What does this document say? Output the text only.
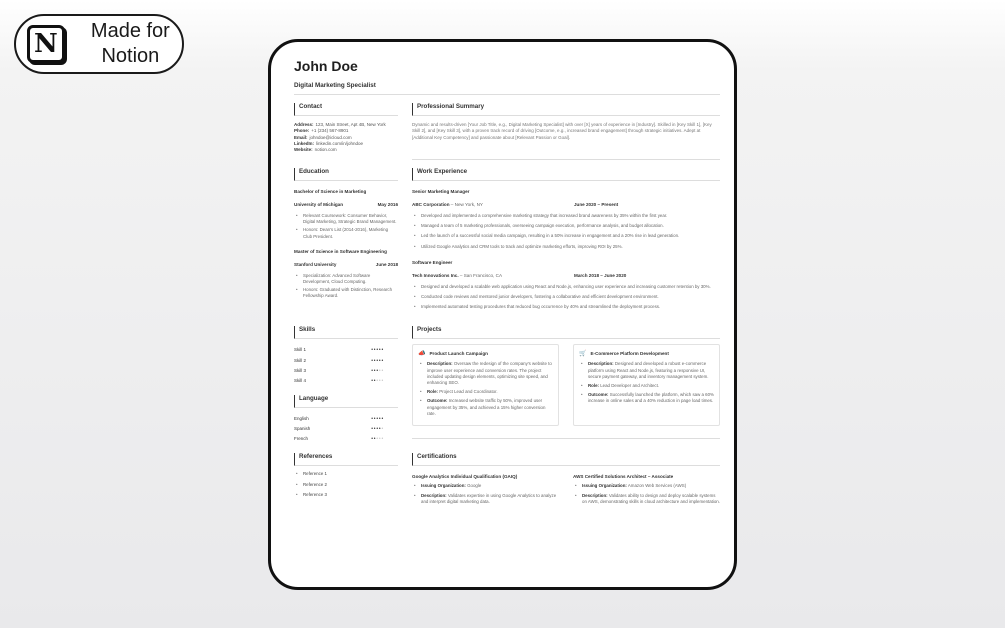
N	Made for
Notion	John Doe
Digital Marketing Specialist
Contact
Address: 123, Main Street, Apt 4B, New York
Phone: +1 (234) 567-8901
Email: johndoe@icloud.com
LinkedIn: linkedin.com/in/johndoe
Website: notion.com
Professional Summary
Dynamic and results-driven [Your Job Title, e.g., Digital Marketing Specialist] with over [X] years of experience in [Industry]. Skilled in [Key Skill 1], [Key Skill 2], and [Key Skill 3], with a proven track record of driving [Outcome, e.g., increased brand engagement] through strategic initiatives. Adept at [Additional Key Competency] and passionate about [Relevant Passion or Goal].
Education
Bachelor of Science in Marketing
University of Michigan	May 2016
• Relevant Coursework: Consumer Behavior, Digital Marketing, Strategic Brand Management.
• Honors: Dean's List (2014-2016), Marketing Club President.
Master of Science in Software Engineering
Stanford University	June 2018
• Specialization: Advanced Software Development, Cloud Computing.
• Honors: Graduated with Distinction, Research Fellowship Award.
Work Experience
Senior Marketing Manager
ABC Corporation – New York, NY	June 2020 – Present
• Developed and implemented a comprehensive marketing strategy that increased brand awareness by 35% within the first year.
• Managed a team of 5 marketing professionals, overseeing campaign execution, performance analysis, and budget allocation.
• Led the launch of a successful social media campaign, resulting in a 50% increase in engagement and a 20% rise in lead generation.
• Utilized Google Analytics and CRM tools to track and optimize marketing efforts, improving ROI by 25%.
Software Engineer
Tech Innovations Inc. – San Francisco, CA	March 2018 – June 2020
• Designed and developed a scalable web application using React and Node.js, enhancing user experience and increasing customer retention by 30%.
• Conducted code reviews and mentored junior developers, fostering a collaborative and efficient development environment.
• Implemented automated testing procedures that reduced bug occurrence by 40% and streamlined the deployment process.
Skills
Skill 1	•••••
Skill 2	•••••
Skill 3	•••••
Skill 4	•••••
Language
English	•••••
Spanish	•••••
French	•••••
Projects
📣 Product Launch Campaign
• Description: Oversaw the redesign of the company's website to improve user experience and conversion rates. The project included updating design elements, optimizing site speed, and enhancing SEO.
• Role: Project Lead and Coordinator.
• Outcome: Increased website traffic by 50%, improved user engagement by 35%, and achieved a 15% higher conversion rate.
🛒 E-Commerce Platform Development
• Description: Designed and developed a robust e-commerce platform using React and Node.js, featuring a responsive UI, secure payment gateway, and inventory management system.
• Role: Lead Developer and Architect.
• Outcome: Successfully launched the platform, which saw a 60% increase in online sales and a 40% reduction in page load times.
References
• Reference 1
• Reference 2
• Reference 3
Certifications
Google Analytics Individual Qualification (GAIQ)
• Issuing Organization: Google
• Description: Validates expertise in using Google Analytics to analyze and interpret digital marketing data.
AWS Certified Solutions Architect – Associate
• Issuing Organization: Amazon Web Services (AWS)
• Description: Validates ability to design and deploy scalable systems on AWS, demonstrating skills in cloud architecture and implementation.
